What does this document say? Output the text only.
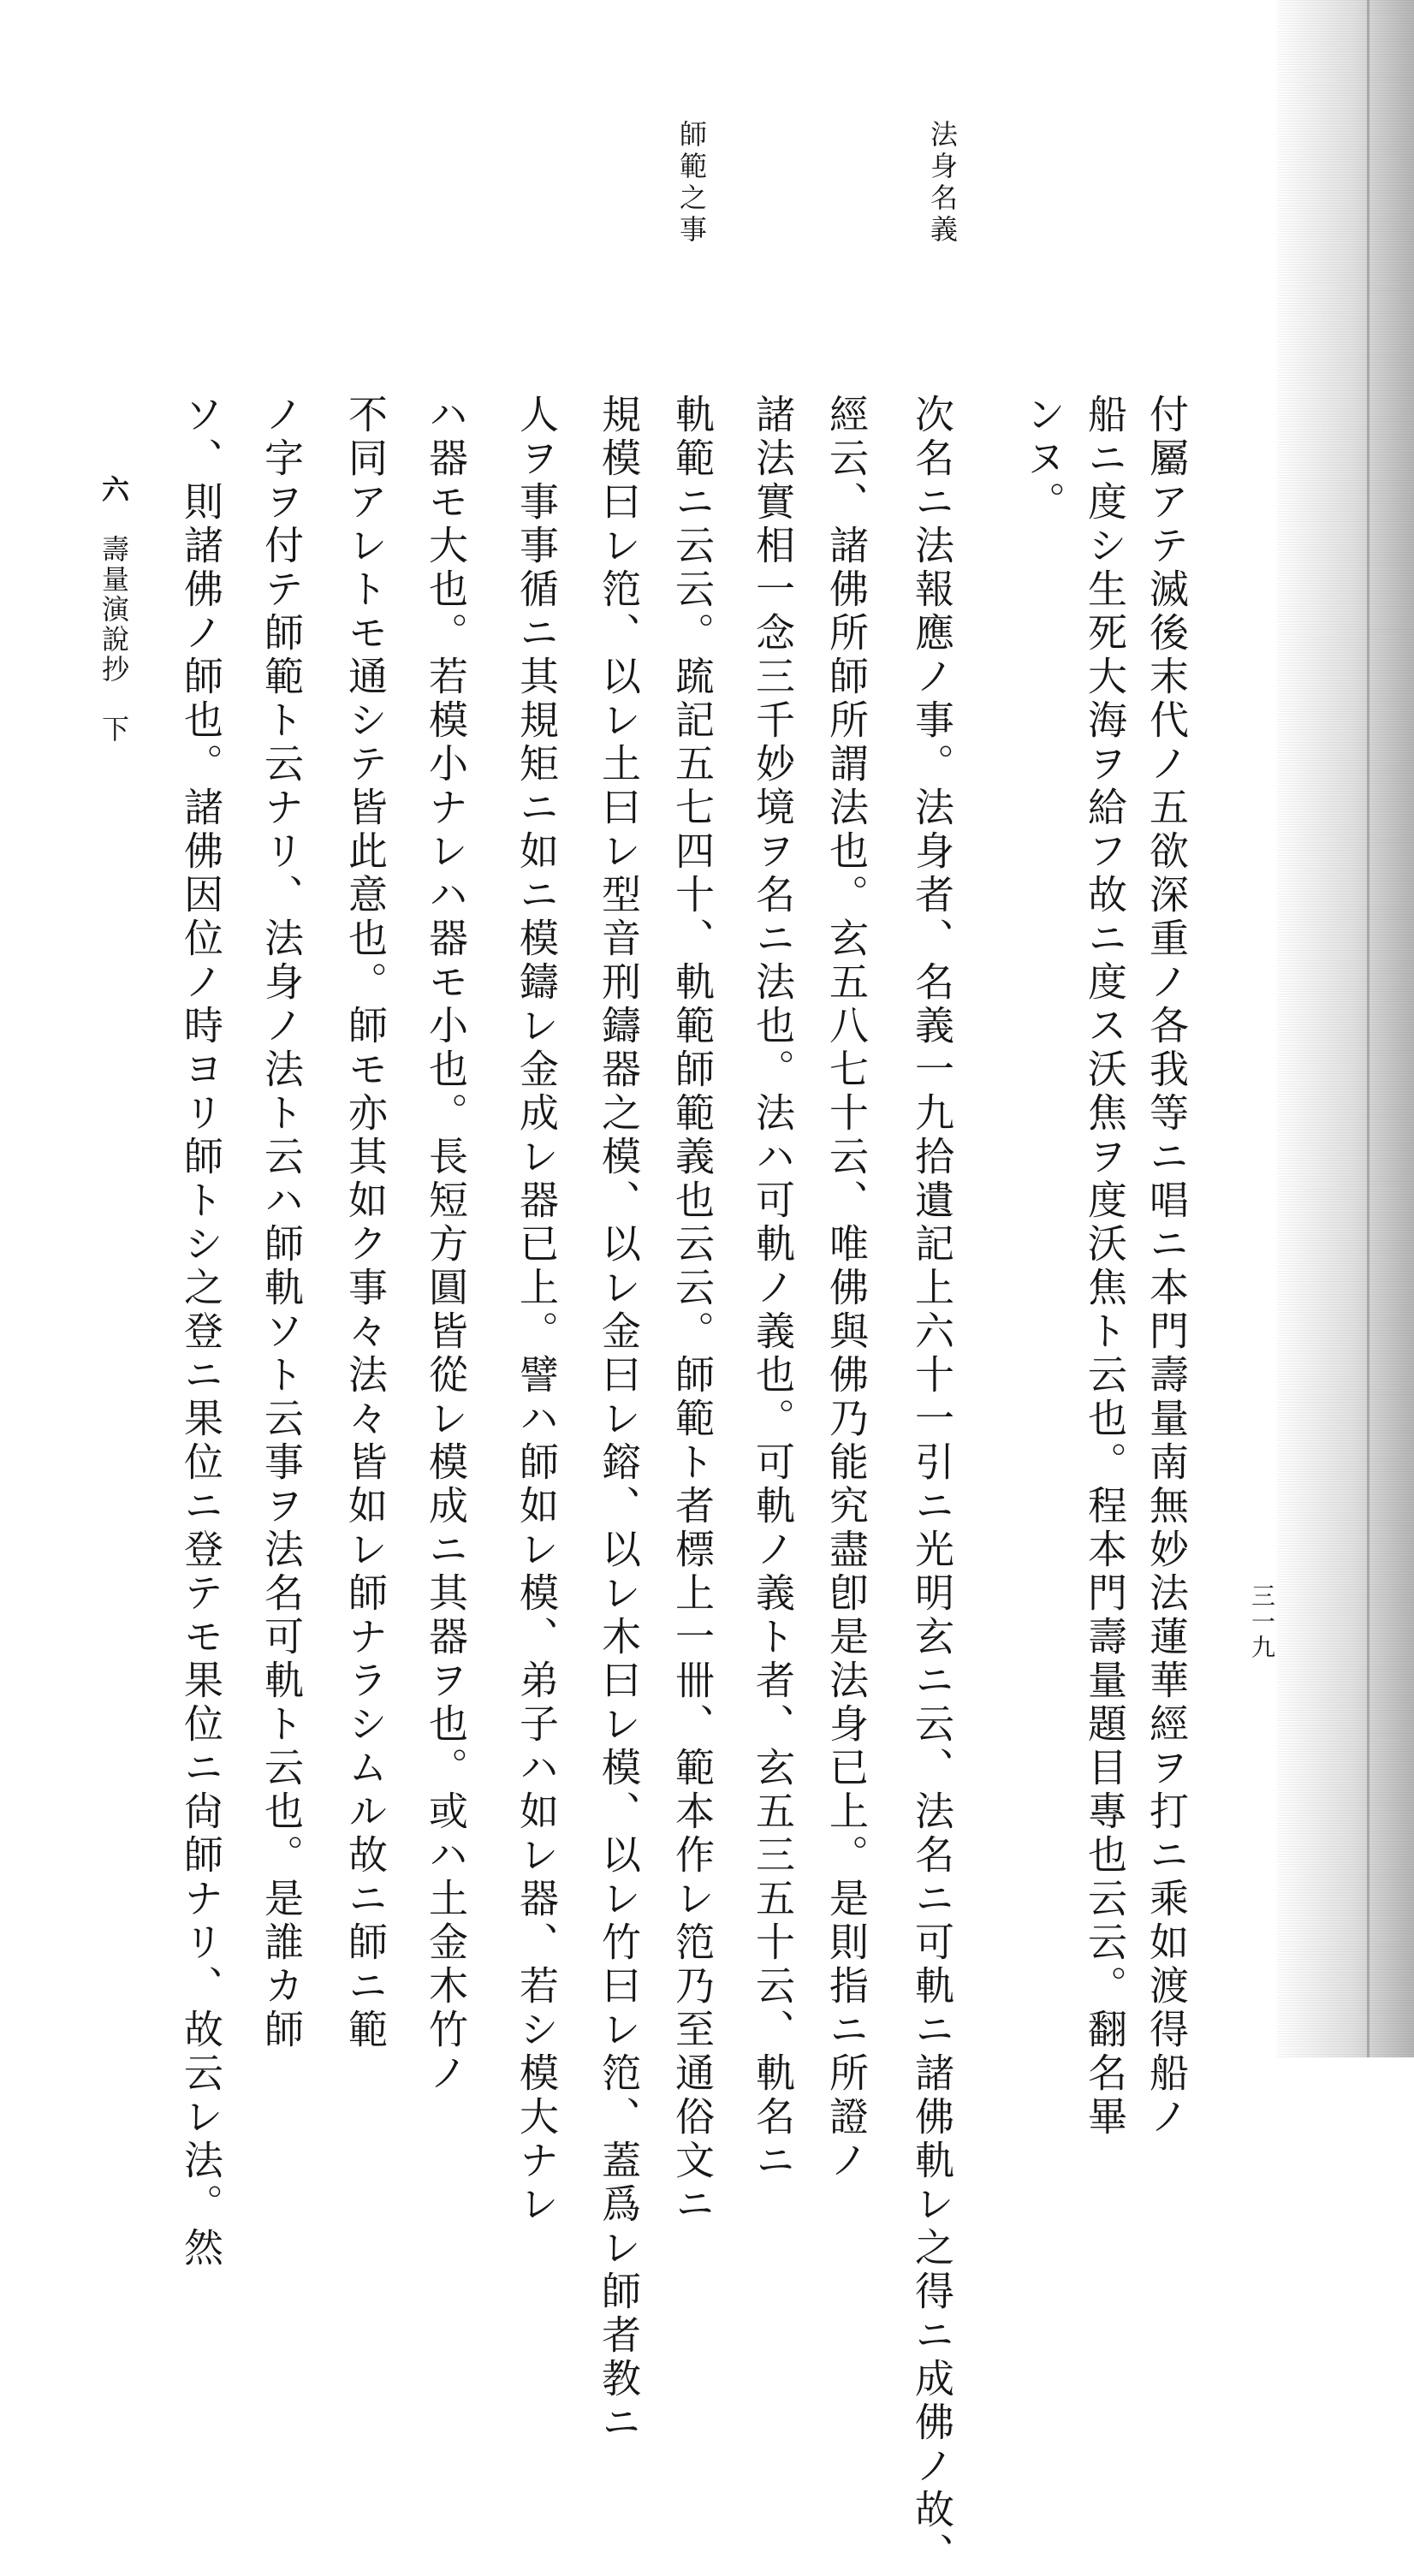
三一九
法身名義
師範之事
付屬アテ滅後末代ノ五欲深重ノ各我等ニ唱ニ本門壽量南無妙法蓮華經ヲ打ニ乘如渡得船ノ
船ニ度シ生死大海ヲ給フ故ニ度ス沃焦ヲ度沃焦ト云也。程本門壽量題目專也云云。翻名畢
ンヌ。
次名ニ法報應ノ事。法身者、名義一九拾遺記上六十一引ニ光明玄ニ云、法名ニ可軌ニ諸佛軌レ之得ニ成佛ノ故、
經云、諸佛所師所謂法也。玄五八七十云、唯佛與佛乃能究盡卽是法身已上。是則指ニ所證ノ
諸法實相一念三千妙境ヲ名ニ法也。法ハ可軌ノ義也。可軌ノ義ト者、玄五三五十云、軌名ニ
軌範ニ云云。䟽記五七四十、軌範師範義也云云。師範ト者標上一卌、範本作レ笵乃至通俗文ニ
規模曰レ笵、以レ土曰レ型音刑鑄器之模、以レ金曰レ鎔、以レ木曰レ模、以レ竹曰レ笵、蓋爲レ師者教ニ
人ヲ事事循ニ其規矩ニ如ニ模鑄レ金成レ器已上。譬ハ師如レ模、弟子ハ如レ器、若シ模大ナレ
ハ器モ大也。若模小ナレハ器モ小也。長短方圓皆從レ模成ニ其器ヲ也。或ハ土金木竹ノ
不同アレトモ通シテ皆此意也。師モ亦其如ク事々法々皆如レ師ナラシムル故ニ師ニ範
ノ字ヲ付テ師範ト云ナリ、法身ノ法ト云ハ師軌ソト云事ヲ法名可軌ト云也。是誰カ師
ソ、則諸佛ノ師也。諸佛因位ノ時ヨリ師トシ之登ニ果位ニ登テモ果位ニ尙師ナリ、故云レ法。然
六
壽量演說抄　下
